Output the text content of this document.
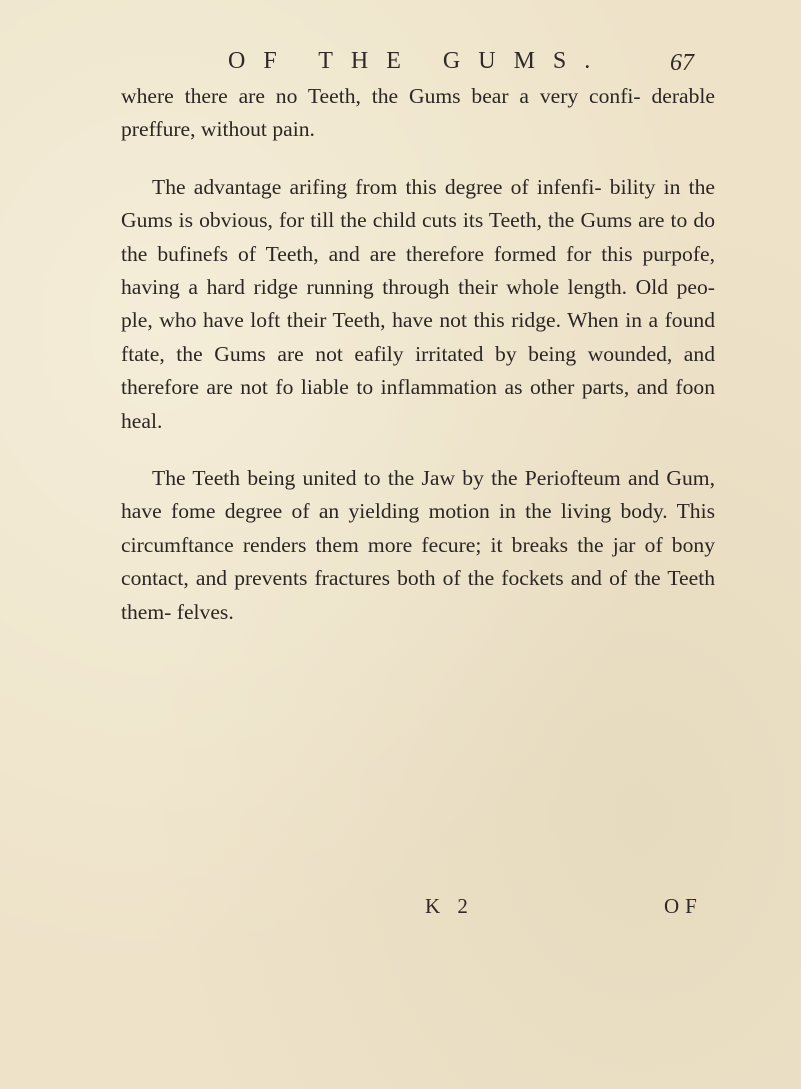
OF THE GUMS.	67

where there are no Teeth, the Gums bear a very confi- derable preffure, without pain.

The advantage arifing from this degree of infenfi- bility in the Gums is obvious, for till the child cuts its Teeth, the Gums are to do the bufinefs of Teeth, and are therefore formed for this purpofe, having a hard ridge running through their whole length. Old peo- ple, who have loft their Teeth, have not this ridge. When in a found ftate, the Gums are not eafily irritated by being wounded, and therefore are not fo liable to inflammation as other parts, and foon heal.

The Teeth being united to the Jaw by the Periofteum and Gum, have fome degree of an yielding motion in the living body. This circumftance renders them more fecure; it breaks the jar of bony contact, and prevents fractures both of the fockets and of the Teeth them- felves.

K 2	OF
